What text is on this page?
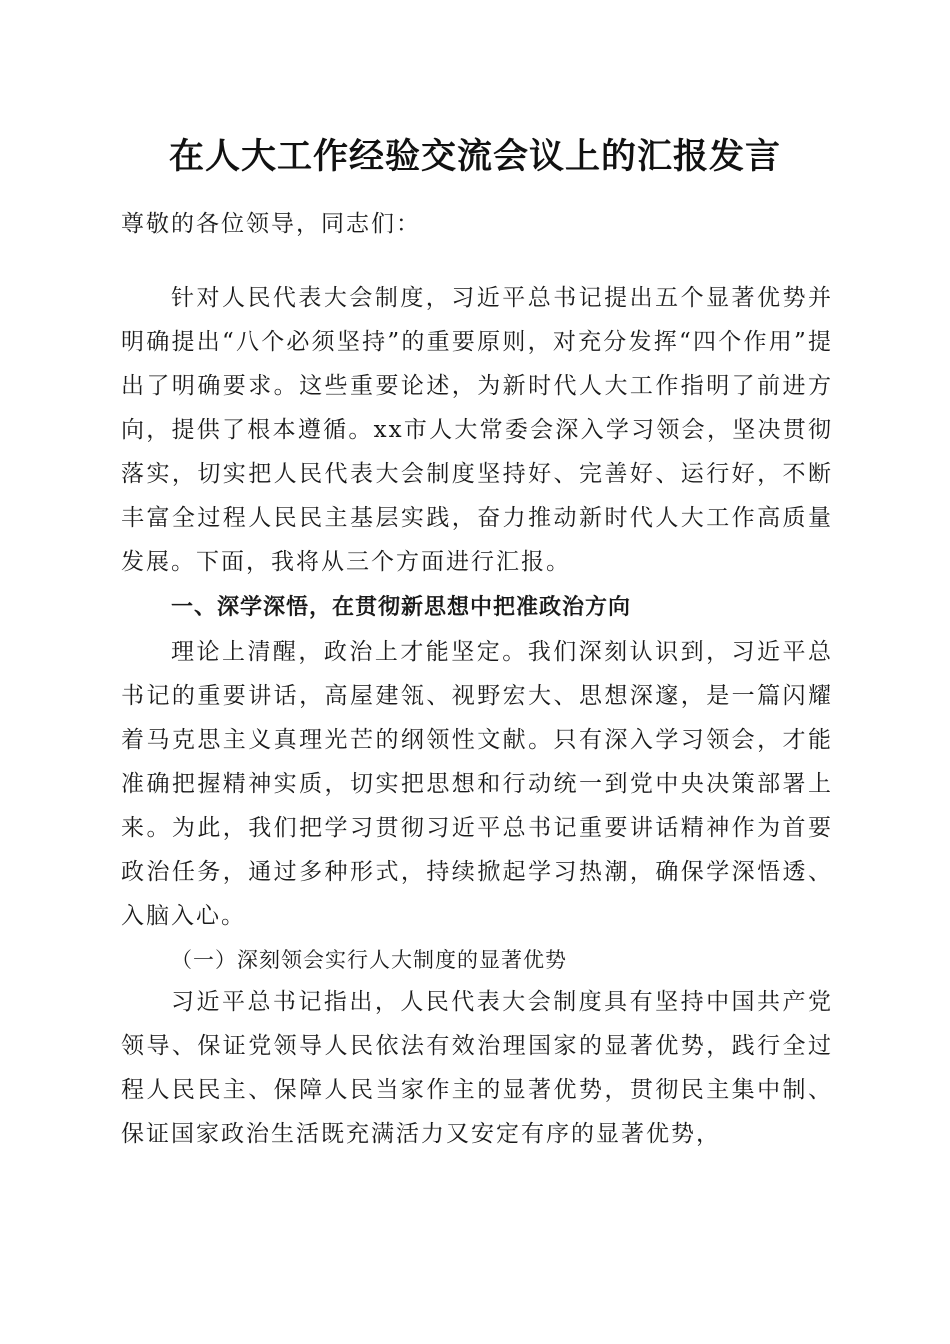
在人大工作经验交流会议上的汇报发言
尊敬的各位领导，同志们：

针对人民代表大会制度，习近平总书记提出五个显著优势并明确提出“八个必须坚持”的重要原则，对充分发挥“四个作用”提出了明确要求。这些重要论述，为新时代人大工作指明了前进方向，提供了根本遵循。xx市人大常委会深入学习领会，坚决贯彻落实，切实把人民代表大会制度坚持好、完善好、运行好，不断丰富全过程人民民主基层实践，奋力推动新时代人大工作高质量发展。下面，我将从三个方面进行汇报。

一、深学深悟，在贯彻新思想中把准政治方向

理论上清醒，政治上才能坚定。我们深刻认识到，习近平总书记的重要讲话，高屋建瓴、视野宏大、思想深邃，是一篇闪耀着马克思主义真理光芒的纲领性文献。只有深入学习领会，才能准确把握精神实质，切实把思想和行动统一到党中央决策部署上来。为此，我们把学习贯彻习近平总书记重要讲话精神作为首要政治任务，通过多种形式，持续掀起学习热潮，确保学深悟透、入脑入心。

（一）深刻领会实行人大制度的显著优势

习近平总书记指出，人民代表大会制度具有坚持中国共产党领导、保证党领导人民依法有效治理国家的显著优势，践行全过程人民民主、保障人民当家作主的显著优势，贯彻民主集中制、保证国家政治生活既充满活力又安定有序的显著优势，
